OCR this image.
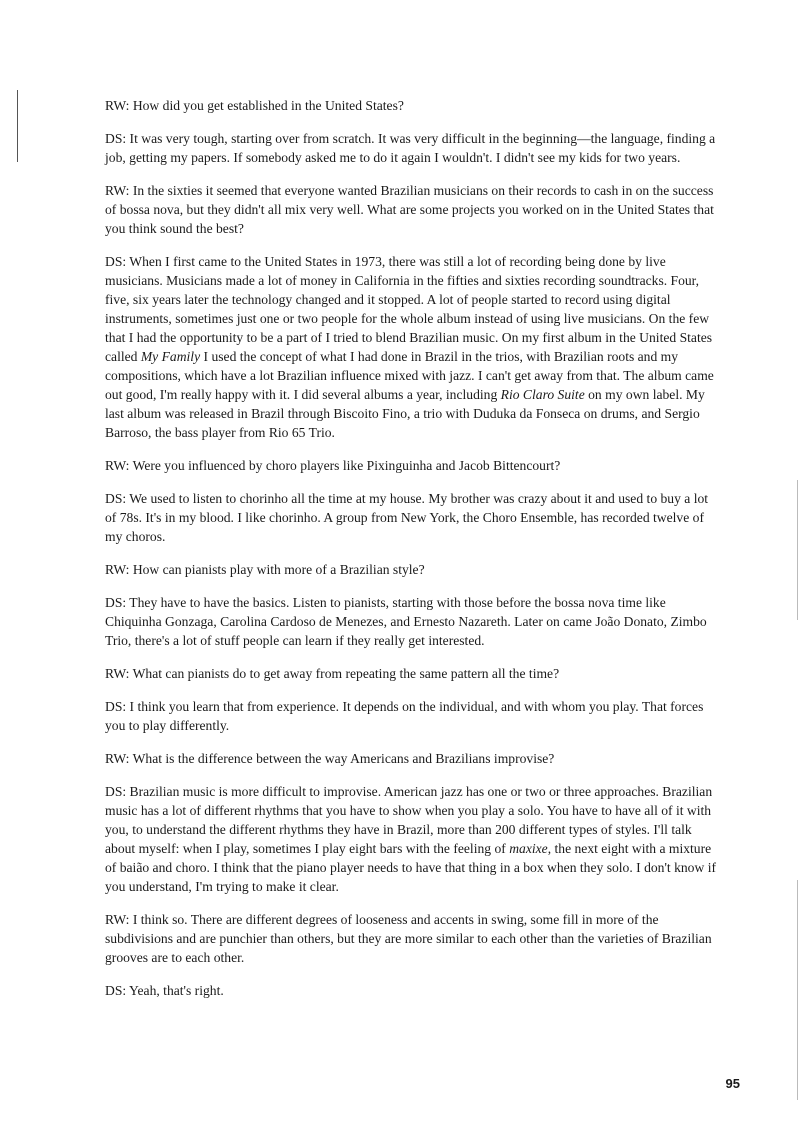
RW: How did you get established in the United States?

DS: It was very tough, starting over from scratch. It was very difficult in the beginning—the language, finding a job, getting my papers. If somebody asked me to do it again I wouldn't. I didn't see my kids for two years.

RW: In the sixties it seemed that everyone wanted Brazilian musicians on their records to cash in on the success of bossa nova, but they didn't all mix very well. What are some projects you worked on in the United States that you think sound the best?

DS: When I first came to the United States in 1973, there was still a lot of recording being done by live musicians. Musicians made a lot of money in California in the fifties and sixties recording soundtracks. Four, five, six years later the technology changed and it stopped. A lot of people started to record using digital instruments, sometimes just one or two people for the whole album instead of using live musicians. On the few that I had the opportunity to be a part of I tried to blend Brazilian music. On my first album in the United States called My Family I used the concept of what I had done in Brazil in the trios, with Brazilian roots and my compositions, which have a lot Brazilian influence mixed with jazz. I can't get away from that. The album came out good, I'm really happy with it. I did several albums a year, including Rio Claro Suite on my own label. My last album was released in Brazil through Biscoito Fino, a trio with Duduka da Fonseca on drums, and Sergio Barroso, the bass player from Rio 65 Trio.

RW: Were you influenced by choro players like Pixinguinha and Jacob Bittencourt?

DS: We used to listen to chorinho all the time at my house. My brother was crazy about it and used to buy a lot of 78s. It's in my blood. I like chorinho. A group from New York, the Choro Ensemble, has recorded twelve of my choros.

RW: How can pianists play with more of a Brazilian style?

DS: They have to have the basics. Listen to pianists, starting with those before the bossa nova time like Chiquinha Gonzaga, Carolina Cardoso de Menezes, and Ernesto Nazareth. Later on came João Donato, Zimbo Trio, there's a lot of stuff people can learn if they really get interested.

RW: What can pianists do to get away from repeating the same pattern all the time?

DS: I think you learn that from experience. It depends on the individual, and with whom you play. That forces you to play differently.

RW: What is the difference between the way Americans and Brazilians improvise?

DS: Brazilian music is more difficult to improvise. American jazz has one or two or three approaches. Brazilian music has a lot of different rhythms that you have to show when you play a solo. You have to have all of it with you, to understand the different rhythms they have in Brazil, more than 200 different types of styles. I'll talk about myself: when I play, sometimes I play eight bars with the feeling of maxixe, the next eight with a mixture of baião and choro. I think that the piano player needs to have that thing in a box when they solo. I don't know if you understand, I'm trying to make it clear.

RW: I think so. There are different degrees of looseness and accents in swing, some fill in more of the subdivisions and are punchier than others, but they are more similar to each other than the varieties of Brazilian grooves are to each other.

DS: Yeah, that's right.

95
